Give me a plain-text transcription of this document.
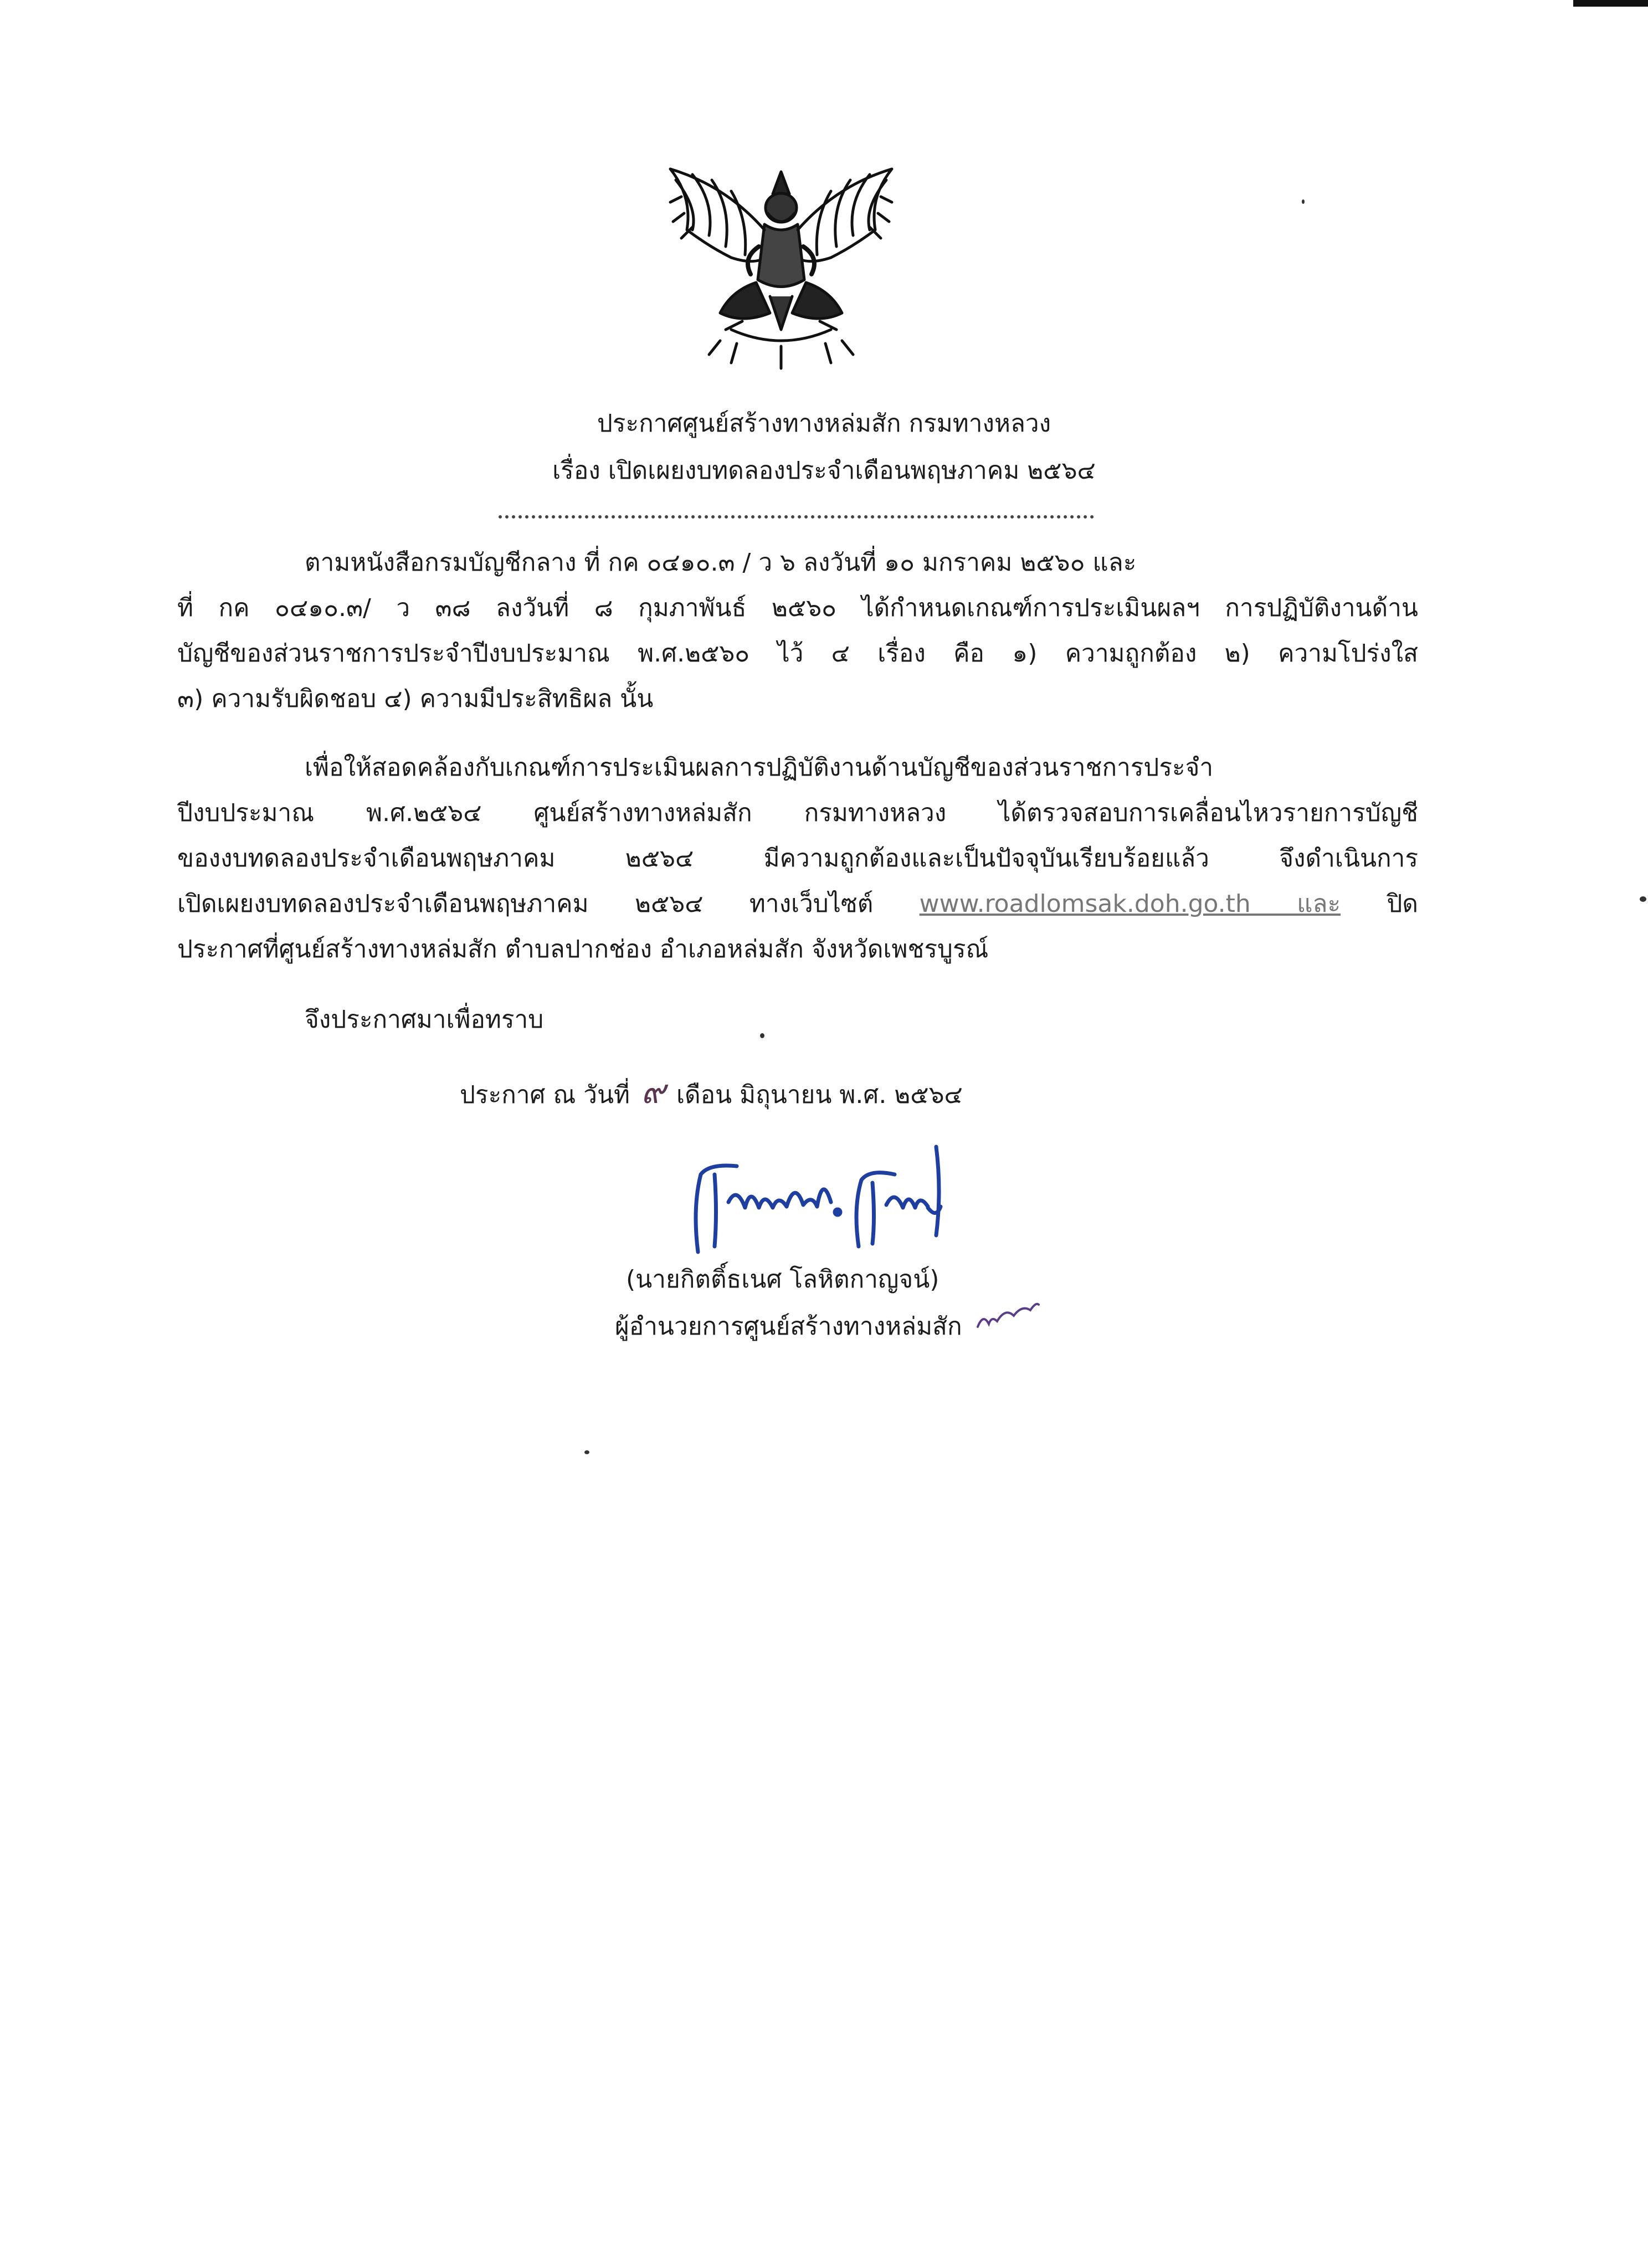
ประกาศศูนย์สร้างทางหล่มสัก กรมทางหลวง
เรื่อง เปิดเผยงบทดลองประจำเดือนพฤษภาคม ๒๕๖๔
ตามหนังสือกรมบัญชีกลาง ที่ กค ๐๔๑๐.๓ / ว ๖ ลงวันที่ ๑๐ มกราคม ๒๕๖๐ และ
ที่ กค ๐๔๑๐.๓/ ว ๓๘ ลงวันที่ ๘ กุมภาพันธ์ ๒๕๖๐ ได้กำหนดเกณฑ์การประเมินผลฯ การปฏิบัติงานด้าน
บัญชีของส่วนราชการประจำปีงบประมาณ พ.ศ.๒๕๖๐ ไว้ ๔ เรื่อง คือ ๑) ความถูกต้อง ๒) ความโปร่งใส
๓) ความรับผิดชอบ ๔) ความมีประสิทธิผล นั้น
เพื่อให้สอดคล้องกับเกณฑ์การประเมินผลการปฏิบัติงานด้านบัญชีของส่วนราชการประจำ
ปีงบประมาณ พ.ศ.๒๕๖๔ ศูนย์สร้างทางหล่มสัก กรมทางหลวง ได้ตรวจสอบการเคลื่อนไหวรายการบัญชี
ของงบทดลองประจำเดือนพฤษภาคม ๒๕๖๔ มีความถูกต้องและเป็นปัจจุบันเรียบร้อยแล้ว จึงดำเนินการ
เปิดเผยงบทดลองประจำเดือนพฤษภาคม ๒๕๖๔ ทางเว็บไซต์ www.roadlomsak.doh.go.th และ ปิด
ประกาศที่ศูนย์สร้างทางหล่มสัก ตำบลปากช่อง อำเภอหล่มสัก จังหวัดเพชรบูรณ์
จึงประกาศมาเพื่อทราบ
ประกาศ ณ วันที่ ๙ เดือน มิถุนายน พ.ศ. ๒๕๖๔
(นายกิตติ์ธเนศ โลหิตกาญจน์)
ผู้อำนวยการศูนย์สร้างทางหล่มสัก
